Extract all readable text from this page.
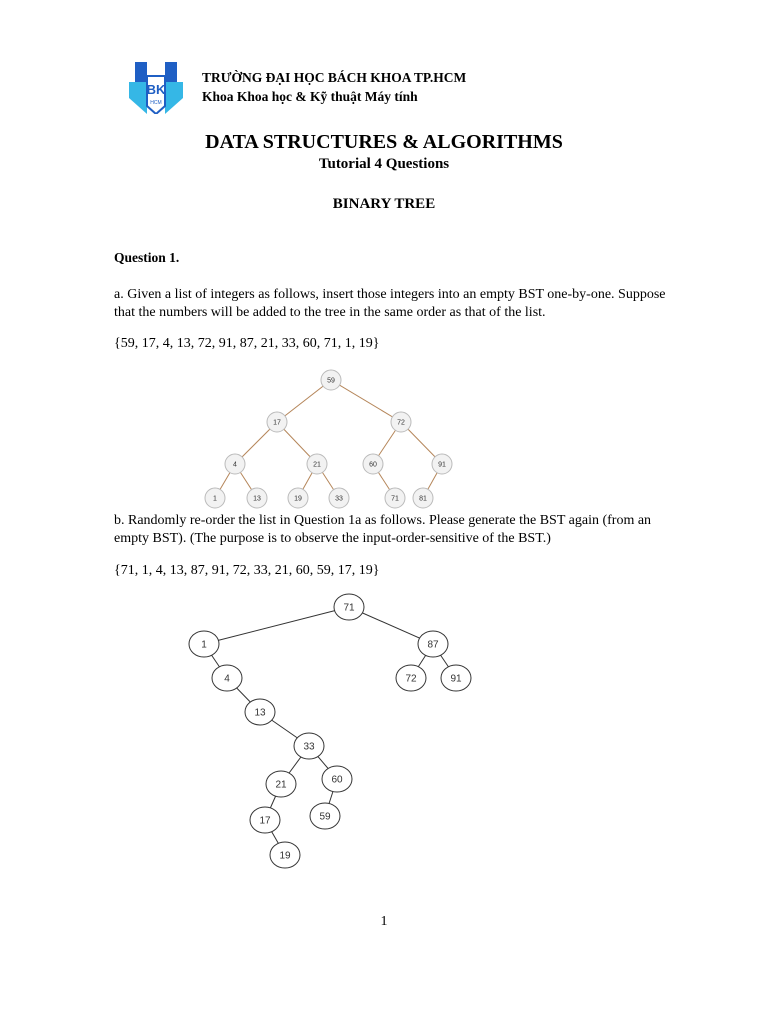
BK
HCM
TRƯỜNG ĐẠI HỌC BÁCH KHOA TP.HCM
Khoa Khoa học & Kỹ thuật Máy tính
DATA STRUCTURES & ALGORITHMS
Tutorial 4 Questions
BINARY TREE
Question 1.
a. Given a list of integers as follows, insert those integers into an empty BST one-by-one. Suppose that the numbers will be added to the tree in the same order as that of the list.
{59, 17, 4, 13, 72, 91, 87, 21, 33, 60, 71, 1, 19}
59
17	72
4	21	60	91
1	13	19	33	71	81
b. Randomly re-order the list in Question 1a as follows. Please generate the BST again (from an empty BST). (The purpose is to observe the input-order-sensitive of the BST.)
{71, 1, 4, 13, 87, 91, 72, 33, 21, 60, 59, 17, 19}
71
1	87
4	72	91
13
33
21	60
17	59
19
1
